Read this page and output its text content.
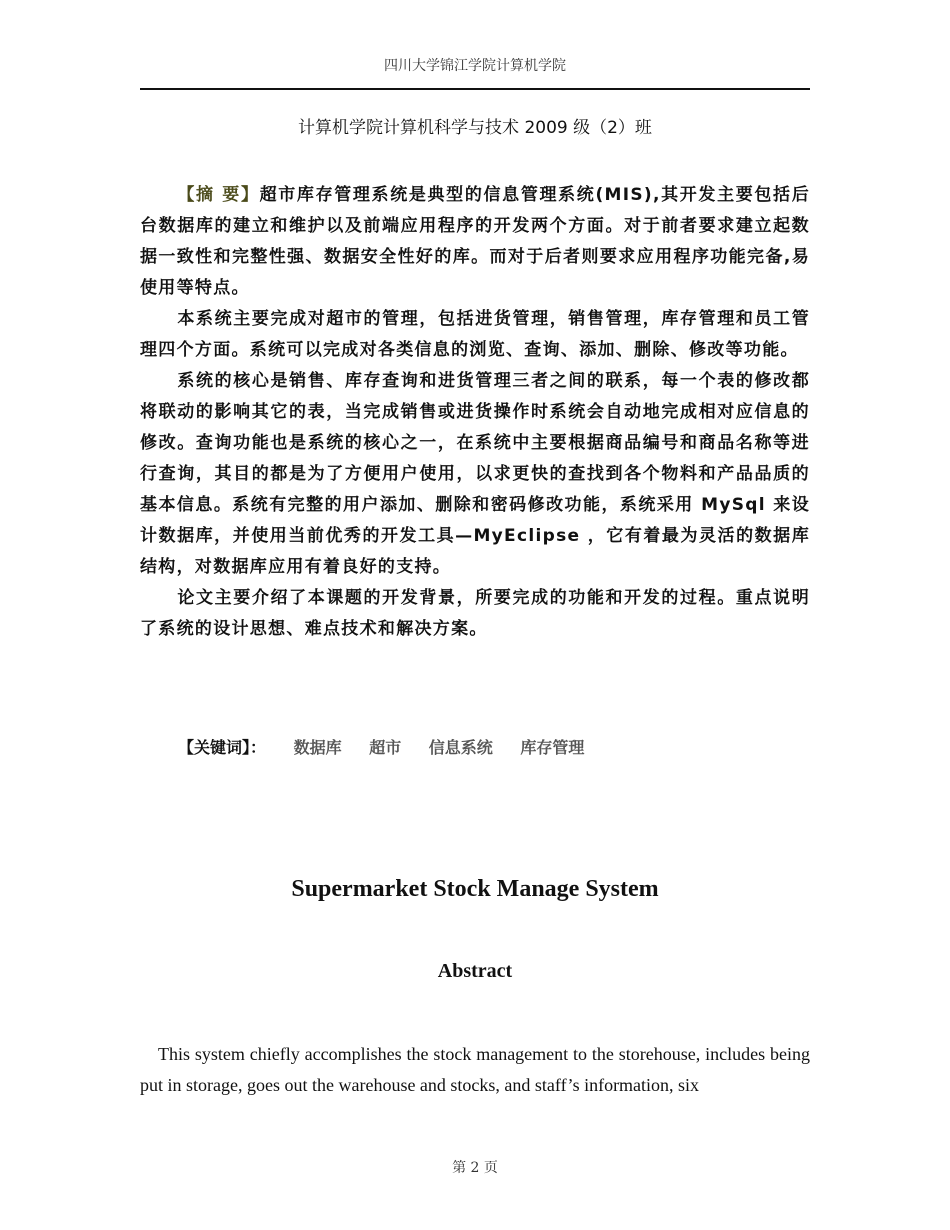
四川大学锦江学院计算机学院
计算机学院计算机科学与技术 2009 级（2）班

【摘 要】超市库存管理系统是典型的信息管理系统(MIS),其开发主要包括后台数据库的建立和维护以及前端应用程序的开发两个方面。对于前者要求建立起数据一致性和完整性强、数据安全性好的库。而对于后者则要求应用程序功能完备,易使用等特点。

本系统主要完成对超市的管理，包括进货管理，销售管理，库存管理和员工管理四个方面。系统可以完成对各类信息的浏览、查询、添加、删除、修改等功能。

系统的核心是销售、库存查询和进货管理三者之间的联系，每一个表的修改都将联动的影响其它的表，当完成销售或进货操作时系统会自动地完成相对应信息的修改。查询功能也是系统的核心之一，在系统中主要根据商品编号和商品名称等进行查询，其目的都是为了方便用户使用，以求更快的查找到各个物料和产品品质的基本信息。系统有完整的用户添加、删除和密码修改功能，系统采用 MySql 来设计数据库，并使用当前优秀的开发工具—MyEclipse ，它有着最为灵活的数据库结构，对数据库应用有着良好的支持。

论文主要介绍了本课题的开发背景，所要完成的功能和开发的过程。重点说明了系统的设计思想、难点技术和解决方案。

【关键词】： 数据库 超市 信息系统 库存管理
Supermarket Stock Manage System
Abstract

This system chiefly accomplishes the stock management to the storehouse, includes being put in storage, goes out the warehouse and stocks, and staff’s information, six

第 2 页
